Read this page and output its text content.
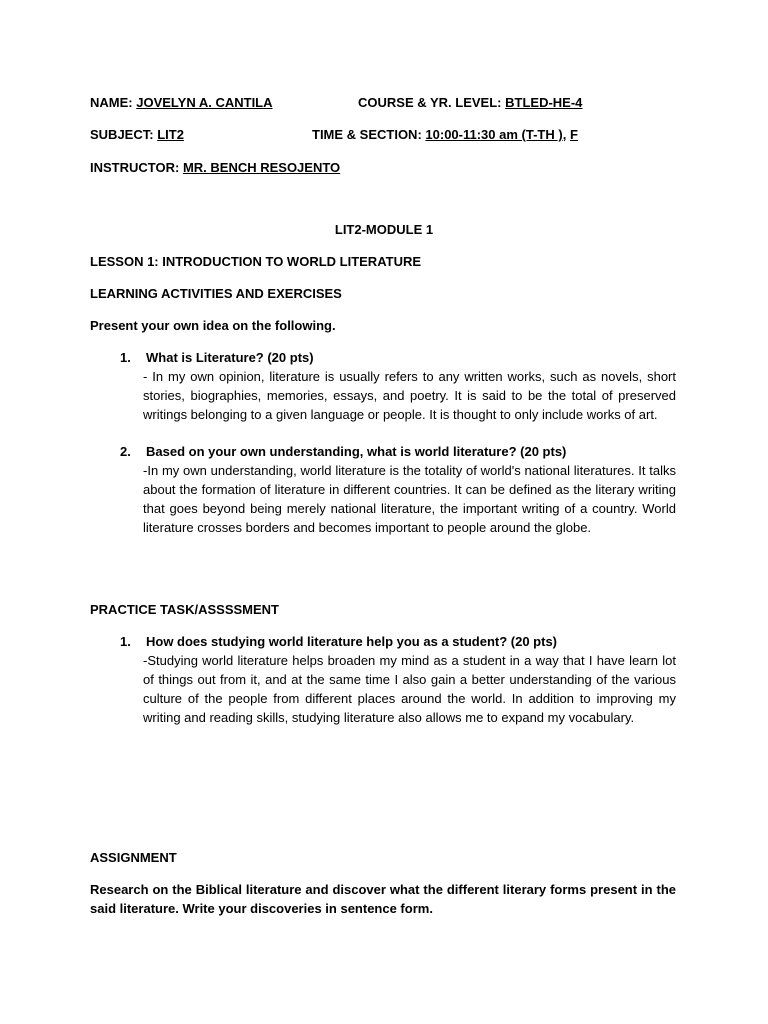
NAME: JOVELYN A. CANTILA	COURSE & YR. LEVEL: BTLED-HE-4
SUBJECT: LIT2	TIME & SECTION: 10:00-11:30 am (T-TH ), F
INSTRUCTOR: MR. BENCH RESOJENTO
LIT2-MODULE 1
LESSON 1: INTRODUCTION TO WORLD LITERATURE
LEARNING ACTIVITIES AND EXERCISES
Present your own idea on the following.
1. What is Literature? (20 pts)
- In my own opinion, literature is usually refers to any written works, such as novels, short stories, biographies, memories, essays, and poetry. It is said to be the total of preserved writings belonging to a given language or people. It is thought to only include works of art.
2. Based on your own understanding, what is world literature? (20 pts)
-In my own understanding, world literature is the totality of world's national literatures. It talks about the formation of literature in different countries. It can be defined as the literary writing that goes beyond being merely national literature, the important writing of a country. World literature crosses borders and becomes important to people around the globe.
PRACTICE TASK/ASSSSMENT
1. How does studying world literature help you as a student? (20 pts)
-Studying world literature helps broaden my mind as a student in a way that I have learn lot of things out from it, and at the same time I also gain a better understanding of the various culture of the people from different places around the world. In addition to improving my writing and reading skills, studying literature also allows me to expand my vocabulary.
ASSIGNMENT
Research on the Biblical literature and discover what the different literary forms present in the said literature. Write your discoveries in sentence form.
